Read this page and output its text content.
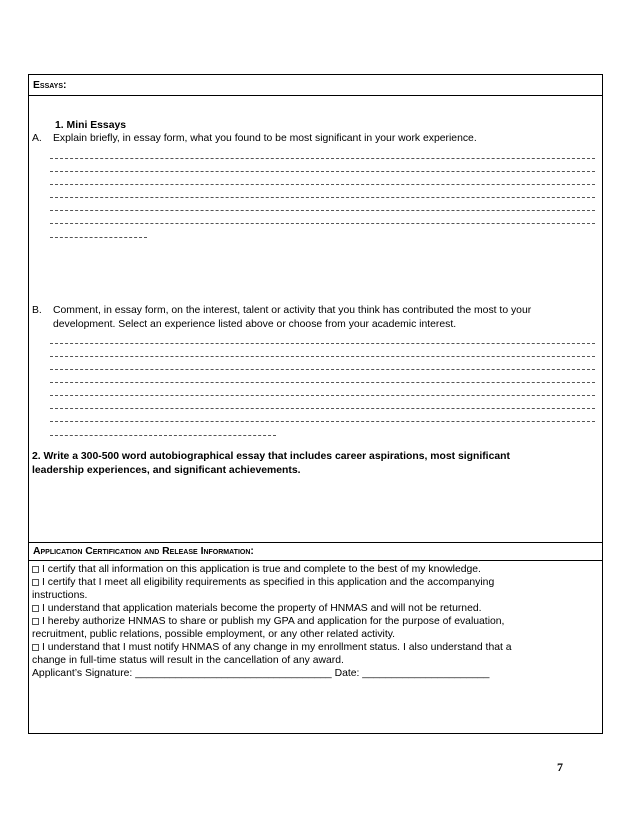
Essays:
1. Mini Essays
A. Explain briefly, in essay form, what you found to be most significant in your work experience.
B. Comment, in essay form, on the interest, talent or activity that you think has contributed the most to your
development. Select an experience listed above or choose from your academic interest.
2. Write a 300-500 word autobiographical essay that includes career aspirations, most significant
leadership experiences, and significant achievements.
Application Certification and Release Information:
I certify that all information on this application is true and complete to the best of my knowledge.
I certify that I meet all eligibility requirements as specified in this application and the accompanying
instructions.
I understand that application materials become the property of HNMAS and will not be returned.
I hereby authorize HNMAS to share or publish my GPA and application for the purpose of evaluation,
recruitment, public relations, possible employment, or any other related activity.
I understand that I must notify HNMAS of any change in my enrollment status. I also understand that a
change in full-time status will result in the cancellation of any award.
Applicant’s Signature: __________________________________ Date: ______________________
7
